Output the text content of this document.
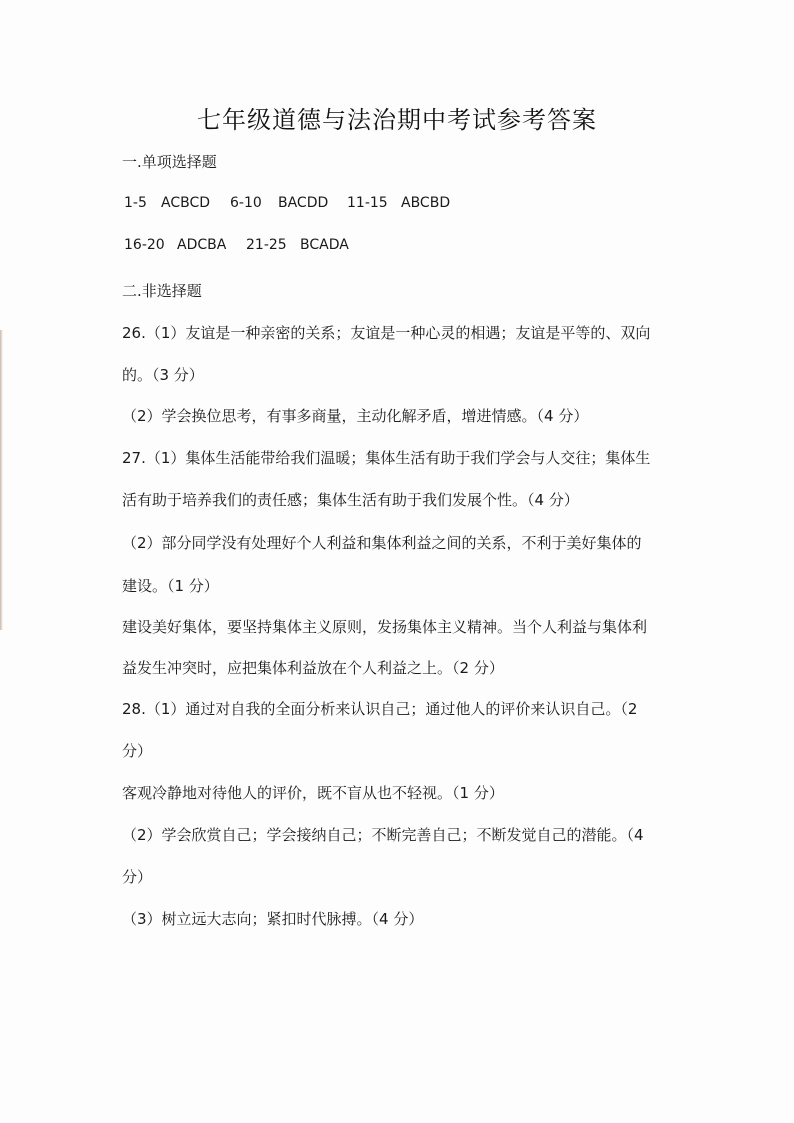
七年级道德与法治期中考试参考答案
一.单项选择题
1-5 ACBCD 6-10 BACDD 11-15 ABCBD
16-20 ADCBA 21-25 BCADA
二.非选择题
26.（1）友谊是一种亲密的关系；友谊是一种心灵的相遇；友谊是平等的、双向
的。（3 分）
（2）学会换位思考，有事多商量，主动化解矛盾，增进情感。（4 分）
27.（1）集体生活能带给我们温暖；集体生活有助于我们学会与人交往；集体生
活有助于培养我们的责任感；集体生活有助于我们发展个性。（4 分）
（2）部分同学没有处理好个人利益和集体利益之间的关系，不利于美好集体的
建设。（1 分）
建设美好集体，要坚持集体主义原则，发扬集体主义精神。当个人利益与集体利
益发生冲突时，应把集体利益放在个人利益之上。（2 分）
28.（1）通过对自我的全面分析来认识自己；通过他人的评价来认识自己。（2
分）
客观冷静地对待他人的评价，既不盲从也不轻视。（1 分）
（2）学会欣赏自己；学会接纳自己；不断完善自己；不断发觉自己的潜能。（4
分）
（3）树立远大志向；紧扣时代脉搏。（4 分）
